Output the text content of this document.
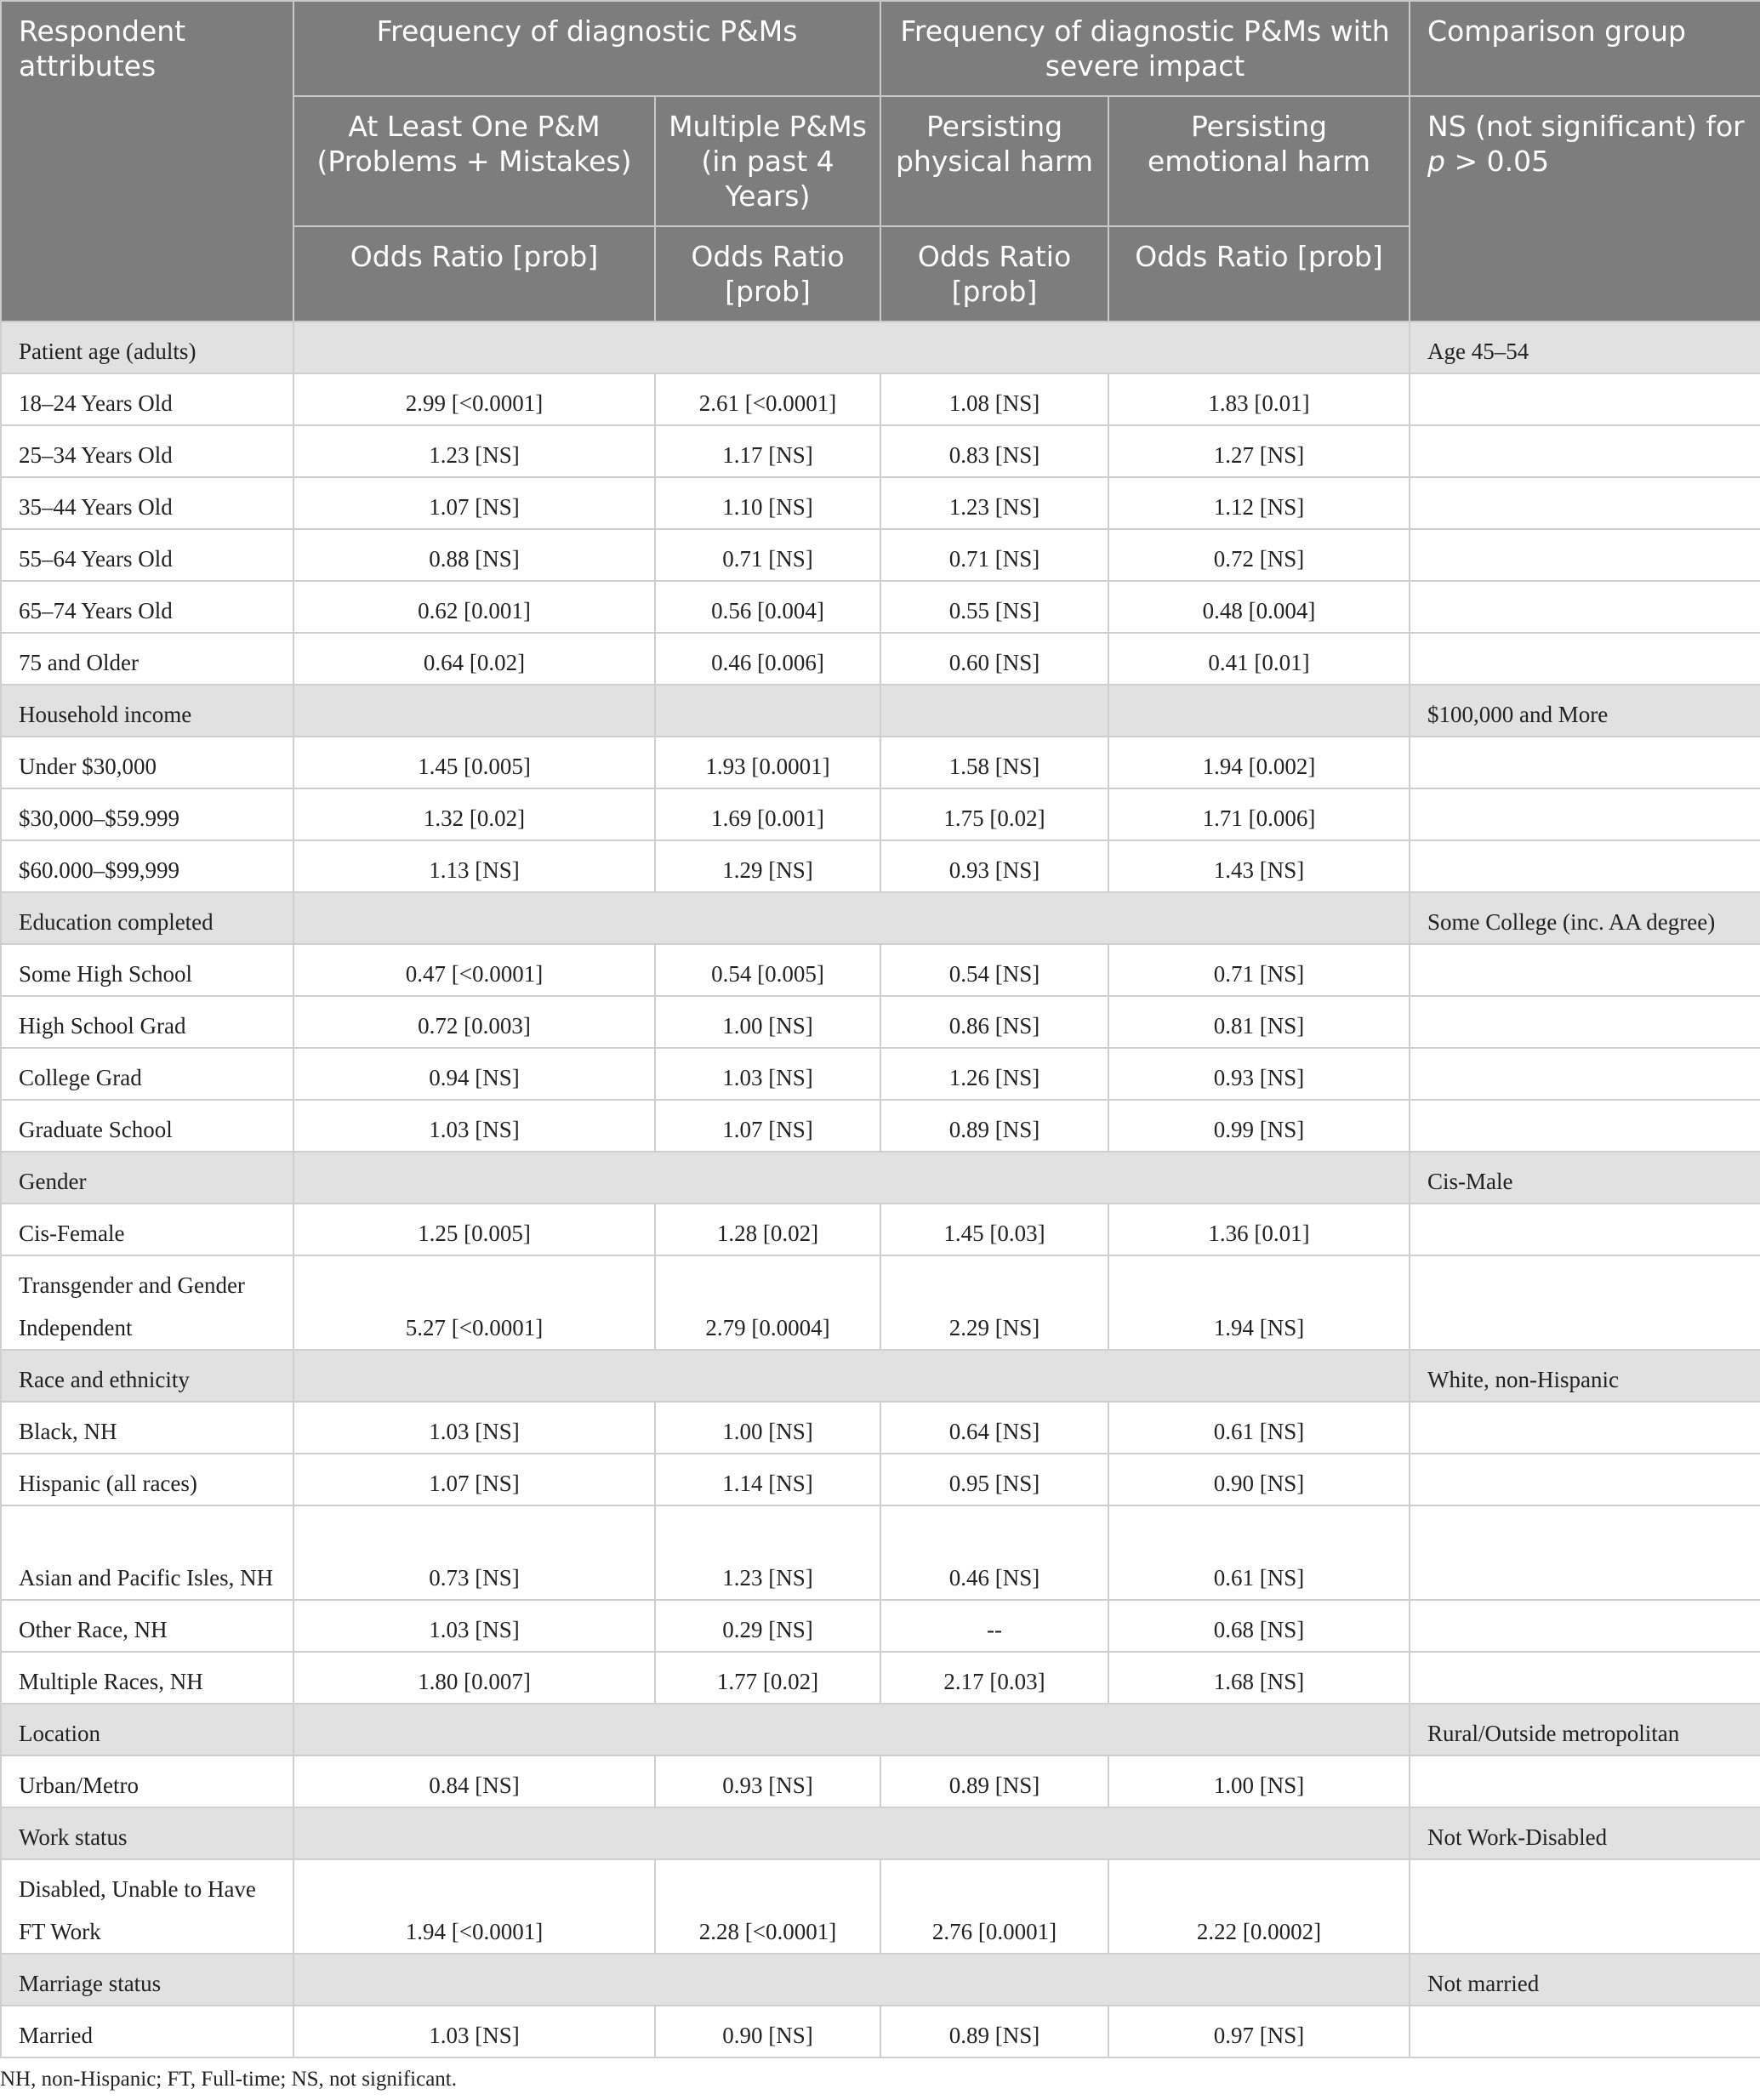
Respondent attributes	Frequency of diagnostic P&Ms		Frequency of diagnostic P&Ms with severe impact		Comparison group
	At Least One P&M (Problems + Mistakes)	Multiple P&Ms (in past 4 Years)	Persisting physical harm	Persisting emotional harm	NS (not significant) for p > 0.05
	Odds Ratio [prob]	Odds Ratio [prob]	Odds Ratio [prob]	Odds Ratio [prob]	
Patient age (adults)					Age 45–54
18–24 Years Old	2.99 [<0.0001]	2.61 [<0.0001]	1.08 [NS]	1.83 [0.01]	
25–34 Years Old	1.23 [NS]	1.17 [NS]	0.83 [NS]	1.27 [NS]	
35–44 Years Old	1.07 [NS]	1.10 [NS]	1.23 [NS]	1.12 [NS]	
55–64 Years Old	0.88 [NS]	0.71 [NS]	0.71 [NS]	0.72 [NS]	
65–74 Years Old	0.62 [0.001]	0.56 [0.004]	0.55 [NS]	0.48 [0.004]	
75 and Older	0.64 [0.02]	0.46 [0.006]	0.60 [NS]	0.41 [0.01]	
Household income					$100,000 and More
Under $30,000	1.45 [0.005]	1.93 [0.0001]	1.58 [NS]	1.94 [0.002]	
$30,000–$59.999	1.32 [0.02]	1.69 [0.001]	1.75 [0.02]	1.71 [0.006]	
$60.000–$99,999	1.13 [NS]	1.29 [NS]	0.93 [NS]	1.43 [NS]	
Education completed					Some College (inc. AA degree)
Some High School	0.47 [<0.0001]	0.54 [0.005]	0.54 [NS]	0.71 [NS]	
High School Grad	0.72 [0.003]	1.00 [NS]	0.86 [NS]	0.81 [NS]	
College Grad	0.94 [NS]	1.03 [NS]	1.26 [NS]	0.93 [NS]	
Graduate School	1.03 [NS]	1.07 [NS]	0.89 [NS]	0.99 [NS]	
Gender					Cis-Male
Cis-Female	1.25 [0.005]	1.28 [0.02]	1.45 [0.03]	1.36 [0.01]	
Transgender and Gender Independent	5.27 [<0.0001]	2.79 [0.0004]	2.29 [NS]	1.94 [NS]	
Race and ethnicity					White, non-Hispanic
Black, NH	1.03 [NS]	1.00 [NS]	0.64 [NS]	0.61 [NS]	
Hispanic (all races)	1.07 [NS]	1.14 [NS]	0.95 [NS]	0.90 [NS]	
Asian and Pacific Isles, NH	0.73 [NS]	1.23 [NS]	0.46 [NS]	0.61 [NS]	
Other Race, NH	1.03 [NS]	0.29 [NS]	--	0.68 [NS]	
Multiple Races, NH	1.80 [0.007]	1.77 [0.02]	2.17 [0.03]	1.68 [NS]	
Location					Rural/Outside metropolitan
Urban/Metro	0.84 [NS]	0.93 [NS]	0.89 [NS]	1.00 [NS]	
Work status					Not Work-Disabled
Disabled, Unable to Have FT Work	1.94 [<0.0001]	2.28 [<0.0001]	2.76 [0.0001]	2.22 [0.0002]	
Marriage status					Not married
Married	1.03 [NS]	0.90 [NS]	0.89 [NS]	0.97 [NS]	
NH, non-Hispanic; FT, Full-time; NS, not significant.
